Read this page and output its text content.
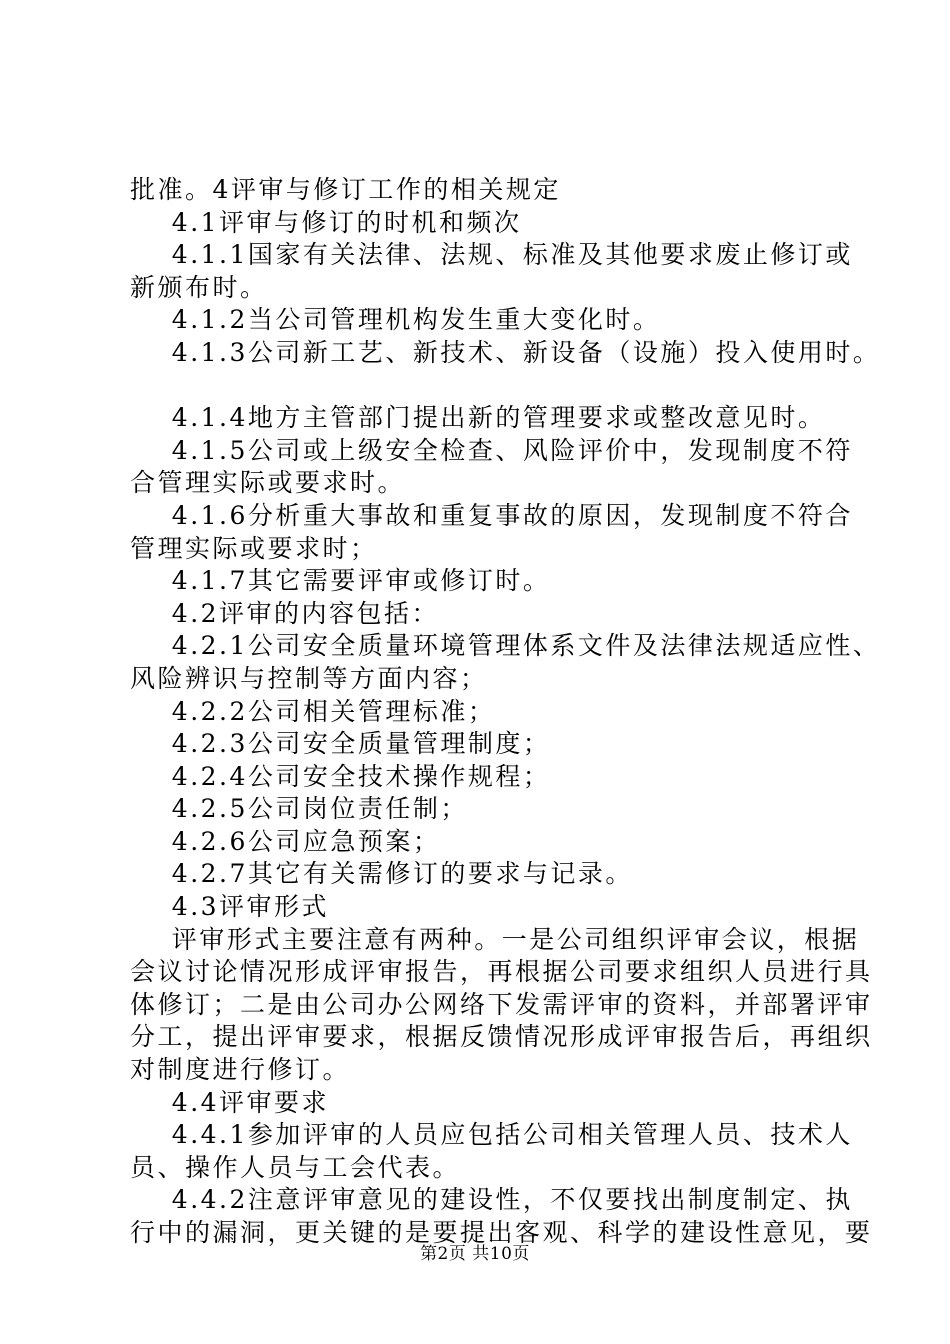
批准。4评审与修订工作的相关规定
4.1评审与修订的时机和频次
4.1.1国家有关法律、法规、标准及其他要求废止修订或
新颁布时。
4.1.2当公司管理机构发生重大变化时。
4.1.3公司新工艺、新技术、新设备（设施）投入使用时。
4.1.4地方主管部门提出新的管理要求或整改意见时。
4.1.5公司或上级安全检查、风险评价中，发现制度不符
合管理实际或要求时。
4.1.6分析重大事故和重复事故的原因，发现制度不符合
管理实际或要求时；
4.1.7其它需要评审或修订时。
4.2评审的内容包括：
4.2.1公司安全质量环境管理体系文件及法律法规适应性、
风险辨识与控制等方面内容；
4.2.2公司相关管理标准；
4.2.3公司安全质量管理制度；
4.2.4公司安全技术操作规程；
4.2.5公司岗位责任制；
4.2.6公司应急预案；
4.2.7其它有关需修订的要求与记录。
4.3评审形式
评审形式主要注意有两种。一是公司组织评审会议，根据
会议讨论情况形成评审报告，再根据公司要求组织人员进行具
体修订；二是由公司办公网络下发需评审的资料，并部署评审
分工，提出评审要求，根据反馈情况形成评审报告后，再组织
对制度进行修订。
4.4评审要求
4.4.1参加评审的人员应包括公司相关管理人员、技术人
员、操作人员与工会代表。
4.4.2注意评审意见的建设性，不仅要找出制度制定、执
行中的漏洞，更关键的是要提出客观、科学的建设性意见，要
第2页 共10页
